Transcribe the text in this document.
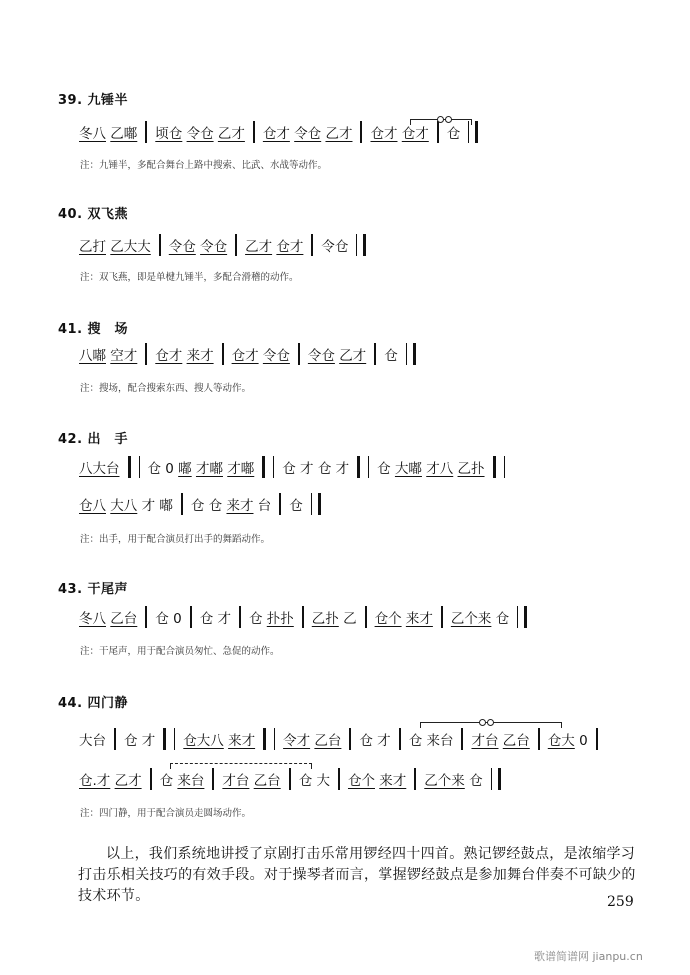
39. 九锤半
40. 双飞燕
41. 搜　场
42. 出　手
43. 干尾声
44. 四门静
冬八 乙嘟 顷仓 令仓 乙才 仓才 令仓 乙才 仓才 仓才 仓
乙打 乙大大 令仓 令仓 乙才 仓才 令仓
八嘟 空才 仓才 来才 仓才 令仓 令仓 乙才 仓
八大台 仓 0 嘟 才嘟 才嘟 仓 才 仓 才 仓 大嘟 才八 乙扑
仓八 大八 才 嘟 仓 仓 来才 台 仓
冬八 乙台 仓 0 仓 才 仓 扑扑 乙扑 乙 仓个 来才 乙个来 仓
大台 仓 才 仓大八 来才 令才 乙台 仓 才 仓 来台 才台 乙台 仓大 0
仓.才 乙才 仓 来台 才台 乙台 仓 大 仓个 来才 乙个来 仓
注：九锤半，多配合舞台上路中搜索、比武、水战等动作。
注：双飞燕，即是单楗九锤半，多配合滑稽的动作。
注：搜场，配合搜索东西、搜人等动作。
注：出手，用于配合演员打出手的舞蹈动作。
注：干尾声，用于配合演员匆忙、急促的动作。
注：四门静，用于配合演员走圆场动作。
以上，我们系统地讲授了京剧打击乐常用锣经四十四首。熟记锣经鼓点，是浓缩学习打击乐相关技巧的有效手段。对于操琴者而言，掌握锣经鼓点是参加舞台伴奏不可缺少的技术环节。	259
歌谱简谱网 jianpu.cn
